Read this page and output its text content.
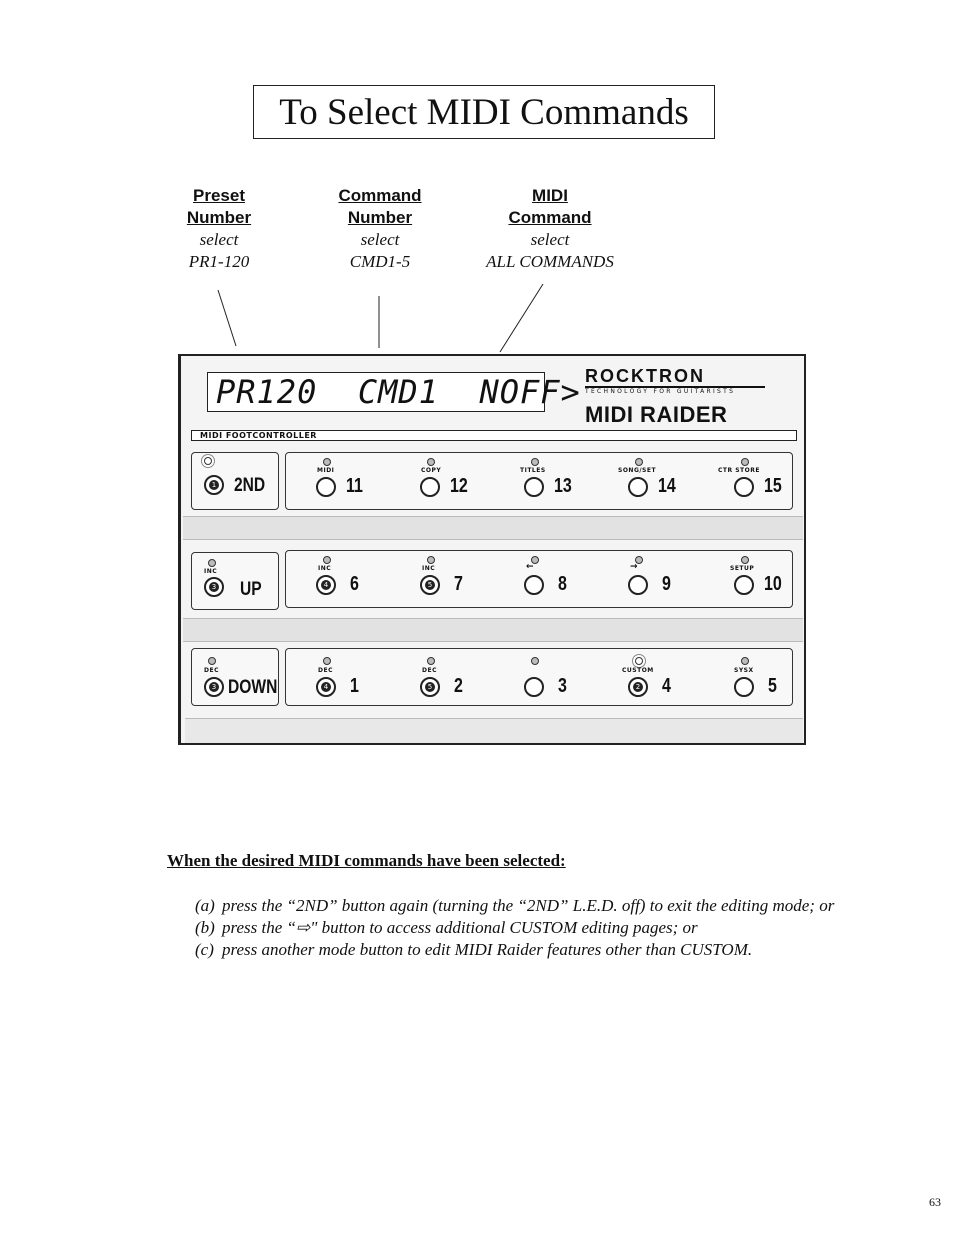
To Select MIDI Commands
Preset
Number
select
PR1-120
Command
Number
select
CMD1-5
MIDI
Command
select
ALL COMMANDS
PR120  CMD1  NOFF> ROCKTRON
TECHNOLOGY FOR GUITARISTS
MIDI RAIDER
MIDI FOOTCONTROLLER
1 2ND
INC
3 UP
DEC
3 DOWN
MIDI
11
COPY
12
TITLES
13
SONG/SET
14
CTR STORE
15
INC
4 6
INC
5 7
←
8
→
9
SETUP
10
DEC
4 1
DEC
5 2	3
CUSTOM
2 4
SYSX
5
When the desired MIDI commands have been selected:
(a) press the “2ND” button again (turning the “2ND” L.E.D. off) to exit the editing mode; or
(b) press the “⇨" button to access additional CUSTOM editing pages; or
(c) press another mode button to edit MIDI Raider features other than CUSTOM.
63
